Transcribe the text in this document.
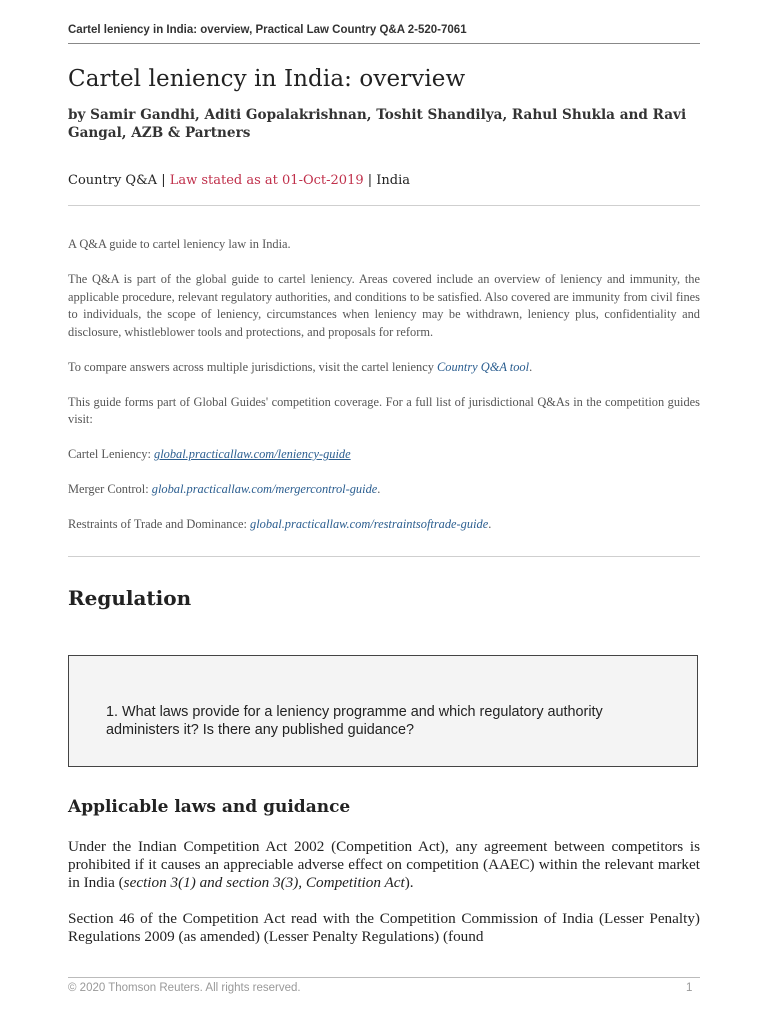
Cartel leniency in India: overview, Practical Law Country Q&A 2-520-7061
Cartel leniency in India: overview

by Samir Gandhi, Aditi Gopalakrishnan, Toshit Shandilya, Rahul Shukla and Ravi Gangal, AZB & Partners

Country Q&A | Law stated as at 01-Oct-2019 | India

A Q&A guide to cartel leniency law in India.

The Q&A is part of the global guide to cartel leniency. Areas covered include an overview of leniency and immunity, the applicable procedure, relevant regulatory authorities, and conditions to be satisfied. Also covered are immunity from civil fines to individuals, the scope of leniency, circumstances when leniency may be withdrawn, leniency plus, confidentiality and disclosure, whistleblower tools and protections, and proposals for reform.

To compare answers across multiple jurisdictions, visit the cartel leniency Country Q&A tool.

This guide forms part of Global Guides' competition coverage. For a full list of jurisdictional Q&As in the competition guides visit:

Cartel Leniency: global.practicallaw.com/leniency-guide

Merger Control: global.practicallaw.com/mergercontrol-guide.

Restraints of Trade and Dominance: global.practicallaw.com/restraintsoftrade-guide.

Regulation
1. What laws provide for a leniency programme and which regulatory authority administers it? Is there any published guidance?
Applicable laws and guidance

Under the Indian Competition Act 2002 (Competition Act), any agreement between competitors is prohibited if it causes an appreciable adverse effect on competition (AAEC) within the relevant market in India (section 3(1) and section 3(3), Competition Act).

Section 46 of the Competition Act read with the Competition Commission of India (Lesser Penalty) Regulations 2009 (as amended) (Lesser Penalty Regulations) (found

© 2020 Thomson Reuters. All rights reserved.	1
